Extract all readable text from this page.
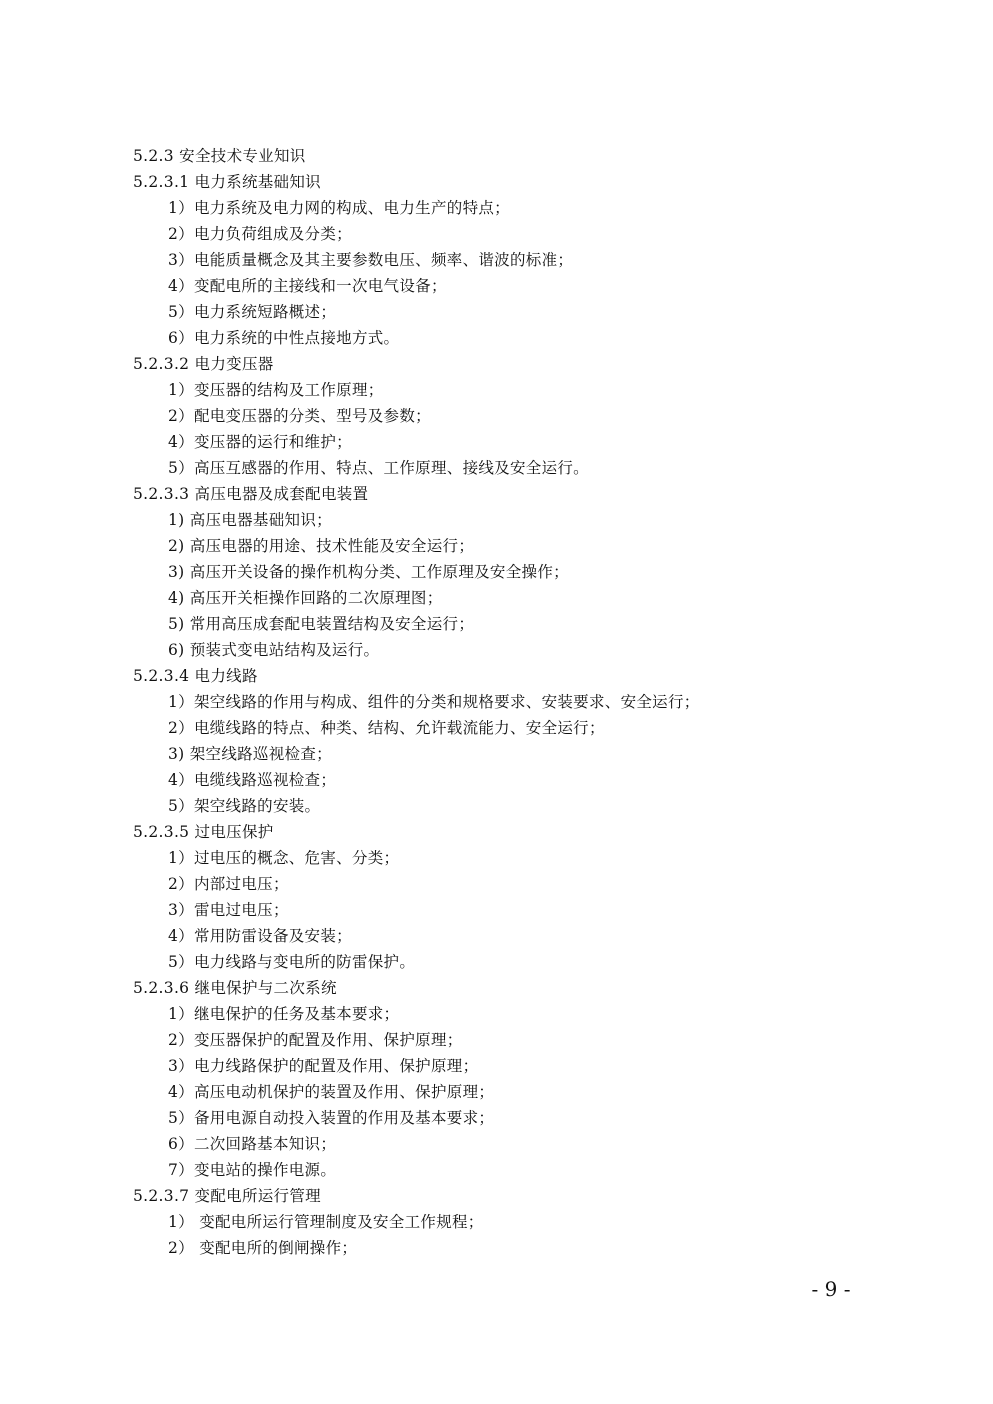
5.2.3 安全技术专业知识
5.2.3.1 电力系统基础知识
1）电力系统及电力网的构成、电力生产的特点；
2）电力负荷组成及分类；
3）电能质量概念及其主要参数电压、频率、谐波的标准；
4）变配电所的主接线和一次电气设备；
5）电力系统短路概述；
6）电力系统的中性点接地方式。
5.2.3.2 电力变压器
1）变压器的结构及工作原理；
2）配电变压器的分类、型号及参数；
4）变压器的运行和维护；
5）高压互感器的作用、特点、工作原理、接线及安全运行。
5.2.3.3 高压电器及成套配电装置
1) 高压电器基础知识；
2) 高压电器的用途、技术性能及安全运行；
3) 高压开关设备的操作机构分类、工作原理及安全操作；
4) 高压开关柜操作回路的二次原理图；
5) 常用高压成套配电装置结构及安全运行；
6) 预装式变电站结构及运行。
5.2.3.4 电力线路
1）架空线路的作用与构成、组件的分类和规格要求、安装要求、安全运行；
2）电缆线路的特点、种类、结构、允许载流能力、安全运行；
3) 架空线路巡视检查；
4）电缆线路巡视检查；
5）架空线路的安装。
5.2.3.5 过电压保护
1）过电压的概念、危害、分类；
2）内部过电压；
3）雷电过电压；
4）常用防雷设备及安装；
5）电力线路与变电所的防雷保护。
5.2.3.6 继电保护与二次系统
1）继电保护的任务及基本要求；
2）变压器保护的配置及作用、保护原理；
3）电力线路保护的配置及作用、保护原理；
4）高压电动机保护的装置及作用、保护原理；
5）备用电源自动投入装置的作用及基本要求；
6）二次回路基本知识；
7）变电站的操作电源。
5.2.3.7 变配电所运行管理
1） 变配电所运行管理制度及安全工作规程；
2） 变配电所的倒闸操作；
- 9 -
